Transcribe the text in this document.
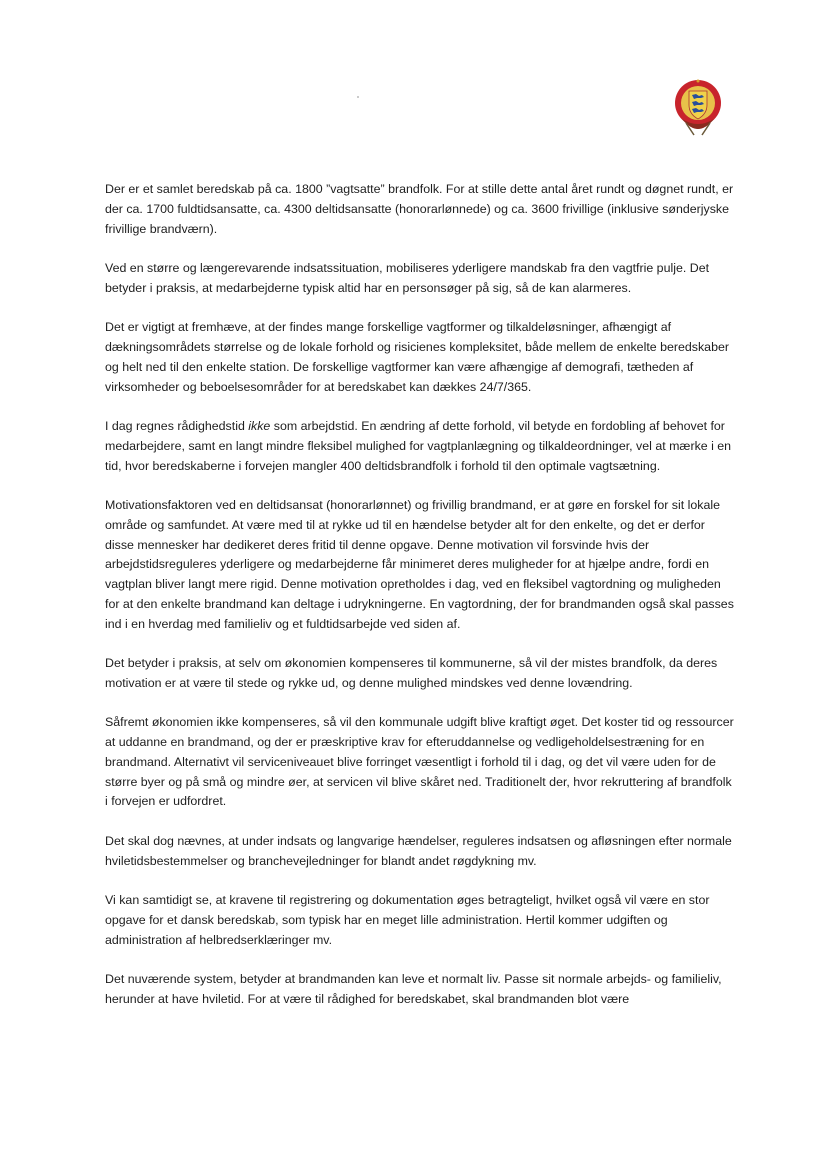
Der er et samlet beredskab på ca. 1800 ”vagtsatte” brandfolk. For at stille dette antal året rundt og døgnet rundt, er der ca. 1700 fuldtidsansatte, ca. 4300 deltidsansatte (honorarlønnede) og ca. 3600 frivillige (inklusive sønderjyske frivillige brandværn).

Ved en større og længerevarende indsatssituation, mobiliseres yderligere mandskab fra den vagtfrie pulje. Det betyder i praksis, at medarbejderne typisk altid har en personsøger på sig, så de kan alarmeres.

Det er vigtigt at fremhæve, at der findes mange forskellige vagtformer og tilkaldeløsninger, afhængigt af dækningsområdets størrelse og de lokale forhold og risicienes kompleksitet, både mellem de enkelte beredskaber og helt ned til den enkelte station. De forskellige vagtformer kan være afhængige af demografi, tætheden af virksomheder og beboelsesområder for at beredskabet kan dækkes 24/7/365.

I dag regnes rådighedstid ikke som arbejdstid. En ændring af dette forhold, vil betyde en fordobling af behovet for medarbejdere, samt en langt mindre fleksibel mulighed for vagtplanlægning og tilkaldeordninger, vel at mærke i en tid, hvor beredskaberne i forvejen mangler 400 deltidsbrandfolk i forhold til den optimale vagtsætning.

Motivationsfaktoren ved en deltidsansat (honorarlønnet) og frivillig brandmand, er at gøre en forskel for sit lokale område og samfundet. At være med til at rykke ud til en hændelse betyder alt for den enkelte, og det er derfor disse mennesker har dedikeret deres fritid til denne opgave. Denne motivation vil forsvinde hvis der arbejdstidsreguleres yderligere og medarbejderne får minimeret deres muligheder for at hjælpe andre, fordi en vagtplan bliver langt mere rigid. Denne motivation opretholdes i dag, ved en fleksibel vagtordning og muligheden for at den enkelte brandmand kan deltage i udrykningerne. En vagtordning, der for brandmanden også skal passes ind i en hverdag med familieliv og et fuldtidsarbejde ved siden af.

Det betyder i praksis, at selv om økonomien kompenseres til kommunerne, så vil der mistes brandfolk, da deres motivation er at være til stede og rykke ud, og denne mulighed mindskes ved denne lovændring.

Såfremt økonomien ikke kompenseres, så vil den kommunale udgift blive kraftigt øget. Det koster tid og ressourcer at uddanne en brandmand, og der er præskriptive krav for efteruddannelse og vedligeholdelsestræning for en brandmand. Alternativt vil serviceniveauet blive forringet væsentligt i forhold til i dag, og det vil være uden for de større byer og på små og mindre øer, at servicen vil blive skåret ned. Traditionelt der, hvor rekruttering af brandfolk i forvejen er udfordret.

Det skal dog nævnes, at under indsats og langvarige hændelser, reguleres indsatsen og afløsningen efter normale hviletidsbestemmelser og branchevejledninger for blandt andet røgdykning mv.

Vi kan samtidigt se, at kravene til registrering og dokumentation øges betragteligt, hvilket også vil være en stor opgave for et dansk beredskab, som typisk har en meget lille administration. Hertil kommer udgiften og administration af helbredserklæringer mv.

Det nuværende system, betyder at brandmanden kan leve et normalt liv. Passe sit normale arbejds- og familieliv, herunder at have hviletid. For at være til rådighed for beredskabet, skal brandmanden blot være
